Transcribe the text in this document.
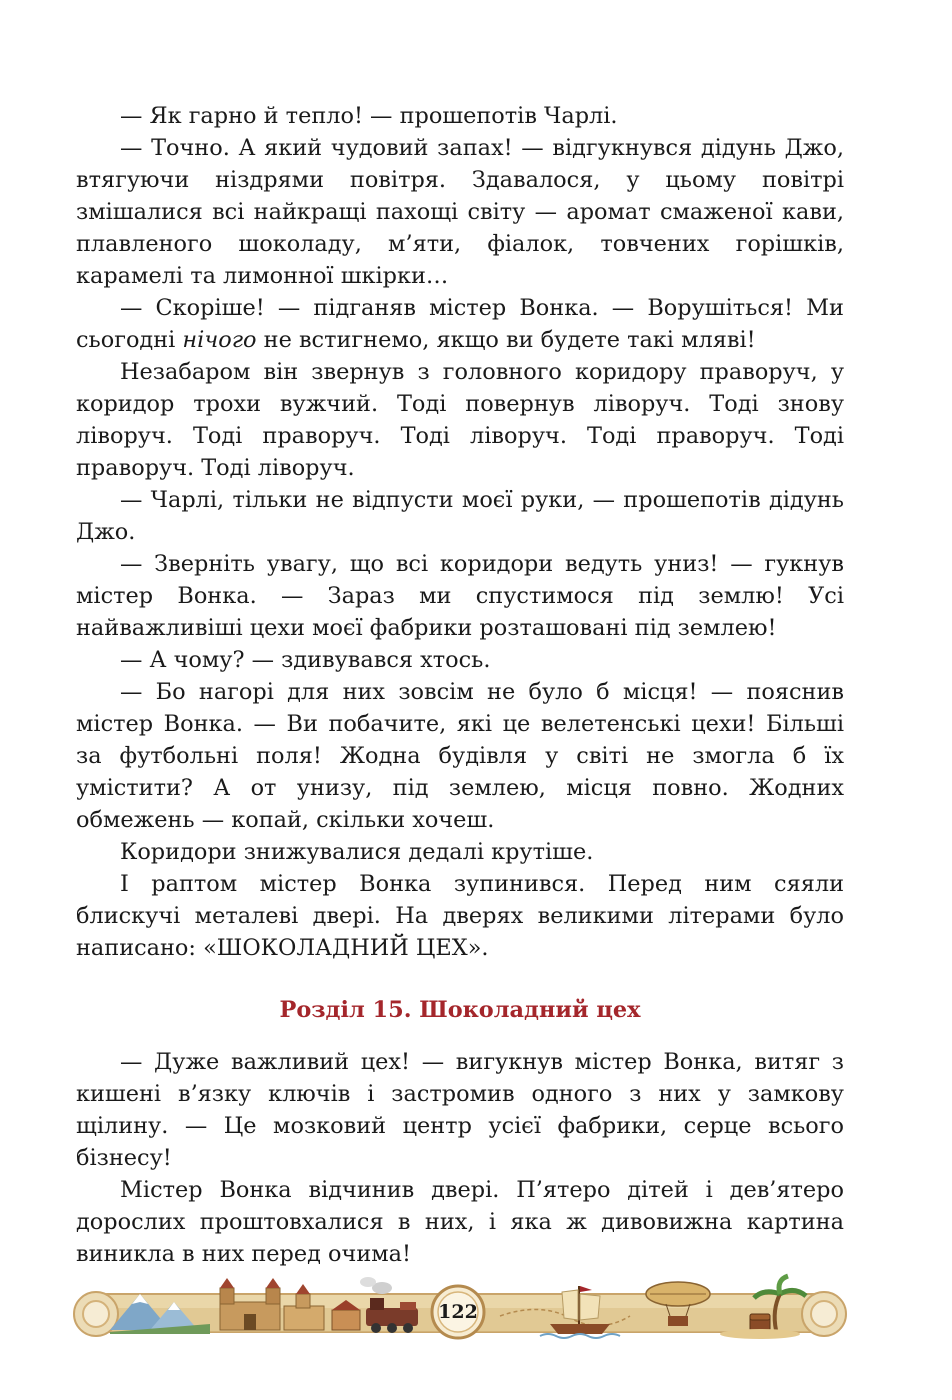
— Як гарно й тепло! — прошепотів Чарлі.

— Точно. А який чудовий запах! — відгукнувся дідунь Джо, втягуючи ніздрями повітря. Здавалося, у цьому повітрі змішалися всі найкращі пахощі світу — аромат смаженої кави, плавленого шоколаду, м’яти, фіалок, товчених горішків, карамелі та лимонної шкірки…

— Скоріше! — підганяв містер Вонка. — Ворушіться! Ми сьогодні нічого не встигнемо, якщо ви будете такі мляві!

Незабаром він звернув з головного коридору праворуч, у коридор трохи вужчий. Тоді повернув ліворуч. Тоді знову ліворуч. Тоді праворуч. Тоді ліворуч. Тоді праворуч. Тоді праворуч. Тоді ліворуч.

— Чарлі, тільки не відпусти моєї руки, — прошепотів дідунь Джо.

— Зверніть увагу, що всі коридори ведуть униз! — гукнув містер Вонка. — Зараз ми спустимося під землю! Усі найважливіші цехи моєї фабрики розташовані під землею!

— А чому? — здивувався хтось.

— Бо нагорі для них зовсім не було б місця! — пояснив містер Вонка. — Ви побачите, які це велетенські цехи! Більші за футбольні поля! Жодна будівля у світі не змогла б їх умістити? А от унизу, під землею, місця повно. Жодних обмежень — копай, скільки хочеш.

Коридори знижувалися дедалі крутіше.

І раптом містер Вонка зупинився. Перед ним сяяли блискучі металеві двері. На дверях великими літерами було написано: «ШОКОЛАДНИЙ ЦЕХ».

Розділ 15. Шоколадний цех

— Дуже важливий цех! — вигукнув містер Вонка, витяг з кишені в’язку ключів і застромив одного з них у замкову щілину. — Це мозковий центр усієї фабрики, серце всього бізнесу!

Містер Вонка відчинив двері. П’ятеро дітей і дев’ятеро дорослих проштовхалися в них, і яка ж дивовижна картина виникла в них перед очима!

122
